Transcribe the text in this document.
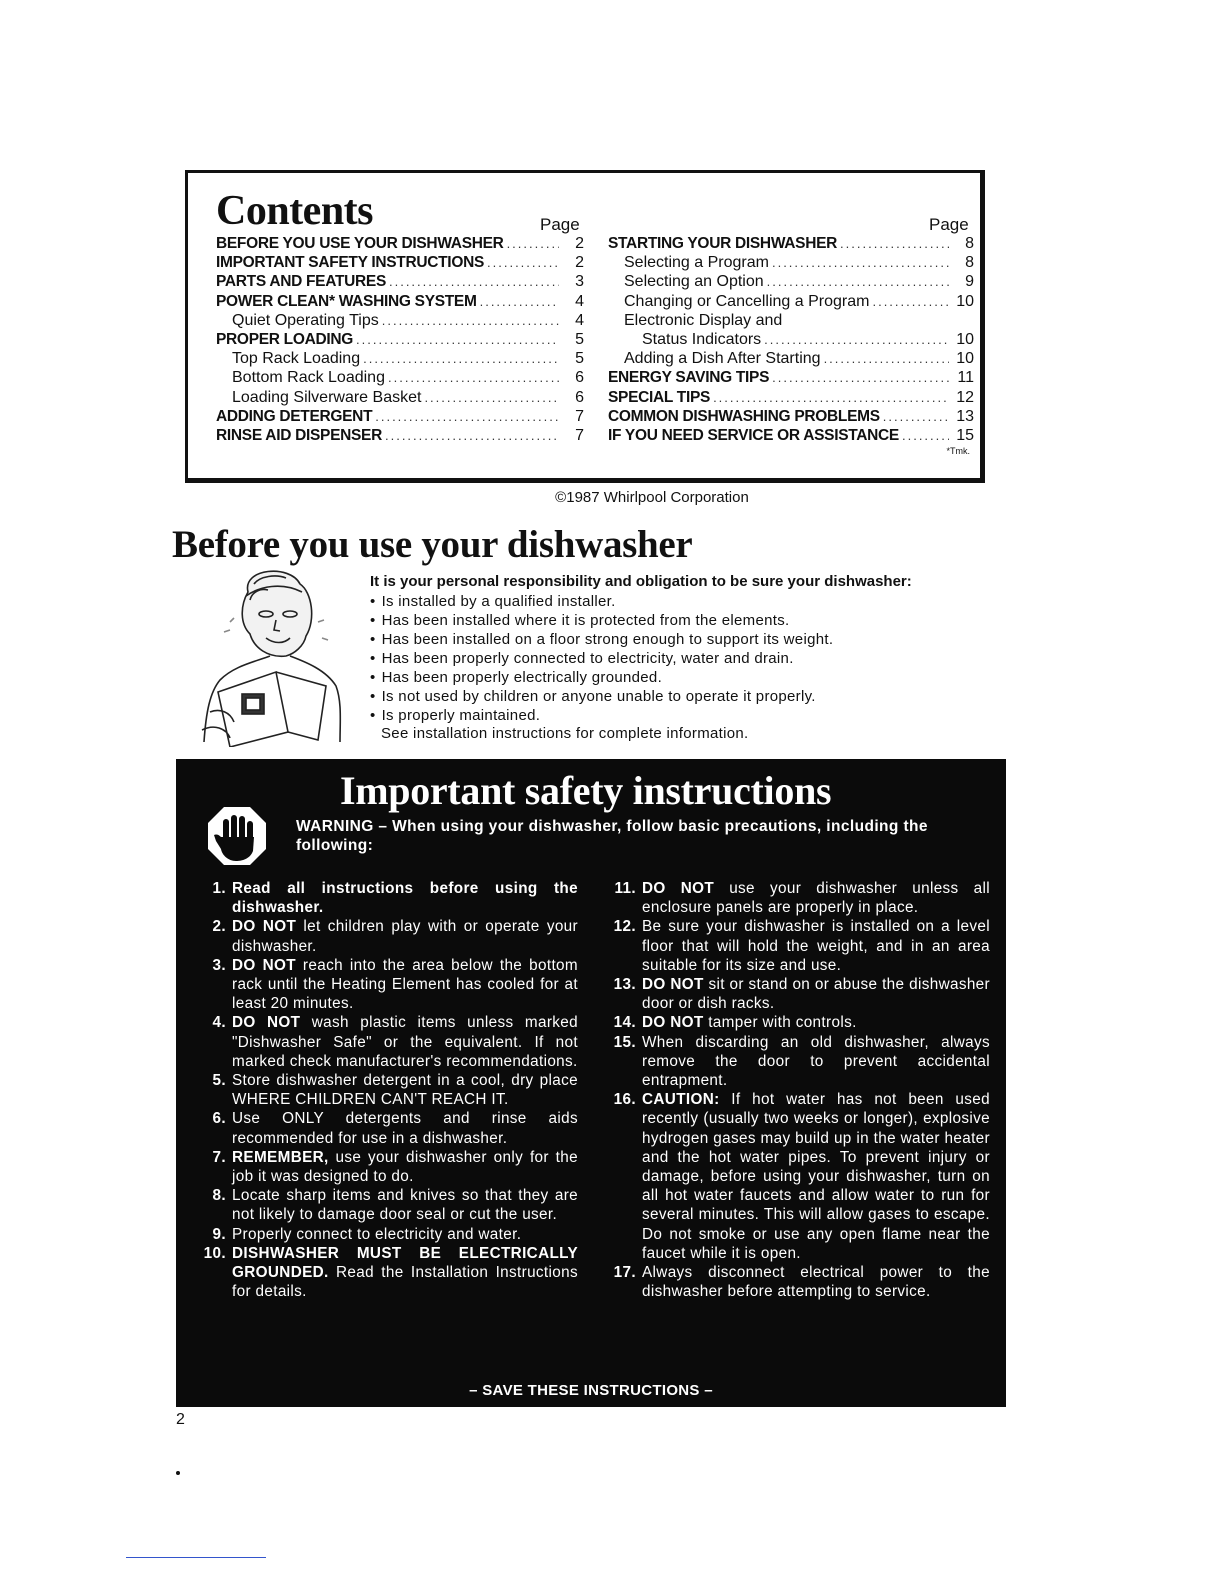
Contents	Page	Page
BEFORE YOU USE YOUR DISHWASHER .....	2
IMPORTANT SAFETY INSTRUCTIONS .....	2
PARTS AND FEATURES .....	3
POWER CLEAN* WASHING SYSTEM .....	4
Quiet Operating Tips .....	4
PROPER LOADING .....	5
Top Rack Loading .....	5
Bottom Rack Loading .....	6
Loading Silverware Basket .....	6
ADDING DETERGENT .....	7
RINSE AID DISPENSER .....	7
STARTING YOUR DISHWASHER .....	8
Selecting a Program .....	8
Selecting an Option .....	9
Changing or Cancelling a Program .....	10
Electronic Display and
Status Indicators .....	10
Adding a Dish After Starting .....	10
ENERGY SAVING TIPS .....	11
SPECIAL TIPS .....	12
COMMON DISHWASHING PROBLEMS .....	13
IF YOU NEED SERVICE OR ASSISTANCE .....	15
*Tmk.
©1987 Whirlpool Corporation
Before you use your dishwasher
It is your personal responsibility and obligation to be sure your dishwasher:
• Is installed by a qualified installer.
• Has been installed where it is protected from the elements.
• Has been installed on a floor strong enough to support its weight.
• Has been properly connected to electricity, water and drain.
• Has been properly electrically grounded.
• Is not used by children or anyone unable to operate it properly.
• Is properly maintained.
See installation instructions for complete information.
Important safety instructions
WARNING – When using your dishwasher, follow basic precautions, including the following:
1. Read all instructions before using the dishwasher.
2. DO NOT let children play with or operate your dishwasher.
3. DO NOT reach into the area below the bottom rack until the Heating Element has cooled for at least 20 minutes.
4. DO NOT wash plastic items unless marked "Dishwasher Safe" or the equivalent. If not marked check manufacturer's recommendations.
5. Store dishwasher detergent in a cool, dry place WHERE CHILDREN CAN'T REACH IT.
6. Use ONLY detergents and rinse aids recommended for use in a dishwasher.
7. REMEMBER, use your dishwasher only for the job it was designed to do.
8. Locate sharp items and knives so that they are not likely to damage door seal or cut the user.
9. Properly connect to electricity and water.
10. DISHWASHER MUST BE ELECTRICALLY GROUNDED. Read the Installation Instructions for details.
11. DO NOT use your dishwasher unless all enclosure panels are properly in place.
12. Be sure your dishwasher is installed on a level floor that will hold the weight, and in an area suitable for its size and use.
13. DO NOT sit or stand on or abuse the dishwasher door or dish racks.
14. DO NOT tamper with controls.
15. When discarding an old dishwasher, always remove the door to prevent accidental entrapment.
16. CAUTION: If hot water has not been used recently (usually two weeks or longer), explosive hydrogen gases may build up in the water heater and the hot water pipes. To prevent injury or damage, before using your dishwasher, turn on all hot water faucets and allow water to run for several minutes. This will allow gases to escape. Do not smoke or use any open flame near the faucet while it is open.
17. Always disconnect electrical power to the dishwasher before attempting to service.
– SAVE THESE INSTRUCTIONS –
2
